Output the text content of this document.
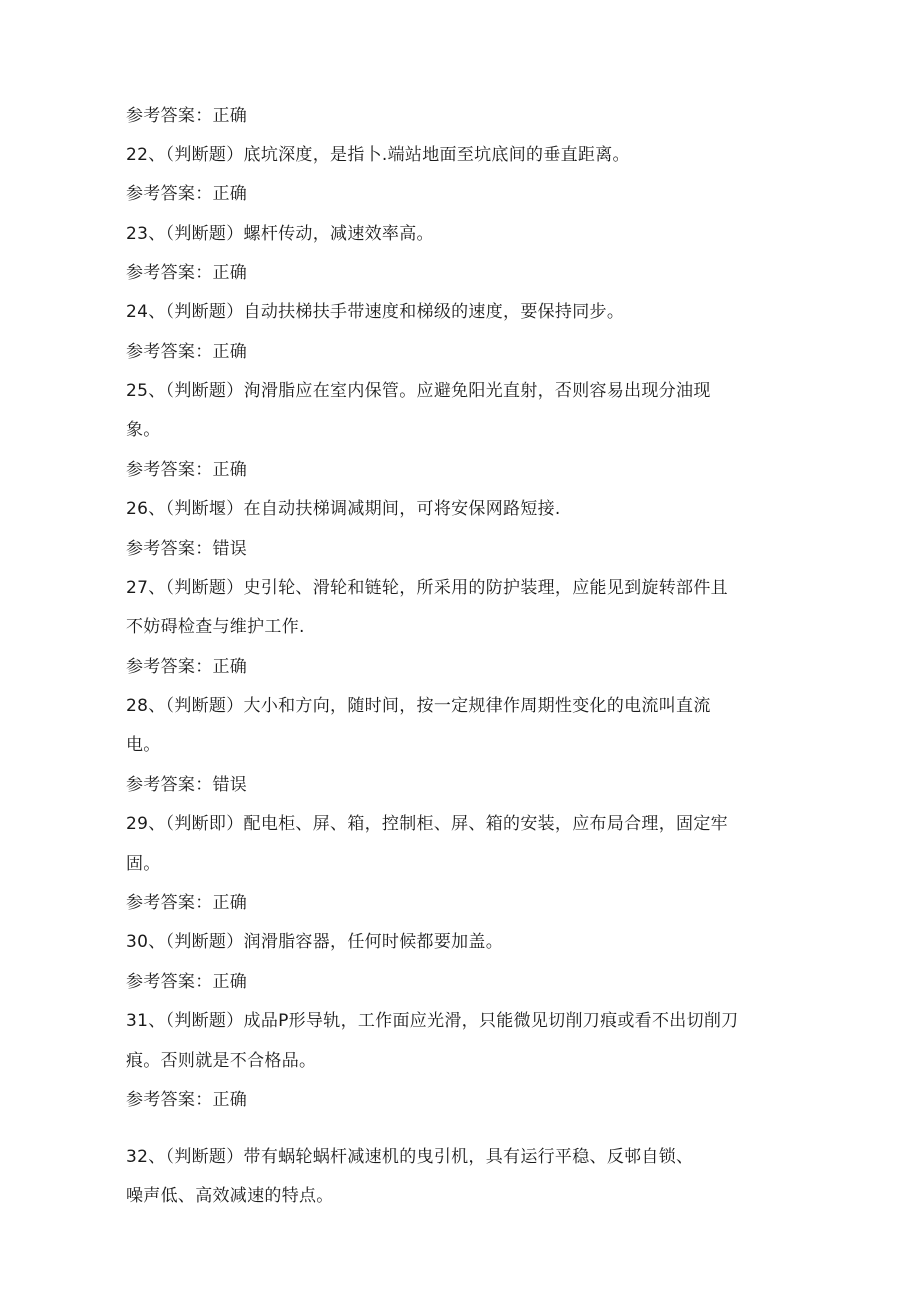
参考答案：正确
22、（判断题）底坑深度，是指卜.端站地面至坑底间的垂直距离。
参考答案：正确
23、（判断题）螺杆传动，减速效率高。
参考答案：正确
24、（判断题）自动扶梯扶手带速度和梯级的速度，要保持同步。
参考答案：正确
25、（判断题）洵滑脂应在室内保管。应避免阳光直射，否则容易出现分油现
象。
参考答案：正确
26、（判断堰）在自动扶梯调减期间，可将安保网路短接.
参考答案：错误
27、（判断题）史引轮、滑轮和链轮，所采用的防护装理，应能见到旋转部件且
不妨碍检查与维护工作.
参考答案：正确
28、（判断题）大小和方向，随时间，按一定规律作周期性变化的电流叫直流
电。
参考答案：错误
29、（判断即）配电柜、屏、箱，控制柜、屏、箱的安装，应布局合理，固定牢
固。
参考答案：正确
30、（判断题）润滑脂容器，任何时候都要加盖。
参考答案：正确
31、（判断题）成品P形导轨，工作面应光滑，只能微见切削刀痕或看不出切削刀
痕。否则就是不合格品。
参考答案：正确
32、（判断题）带有蜗轮蜗杆减速机的曳引机，具有运行平稳、反邨自锁、
噪声低、高效减速的特点。
